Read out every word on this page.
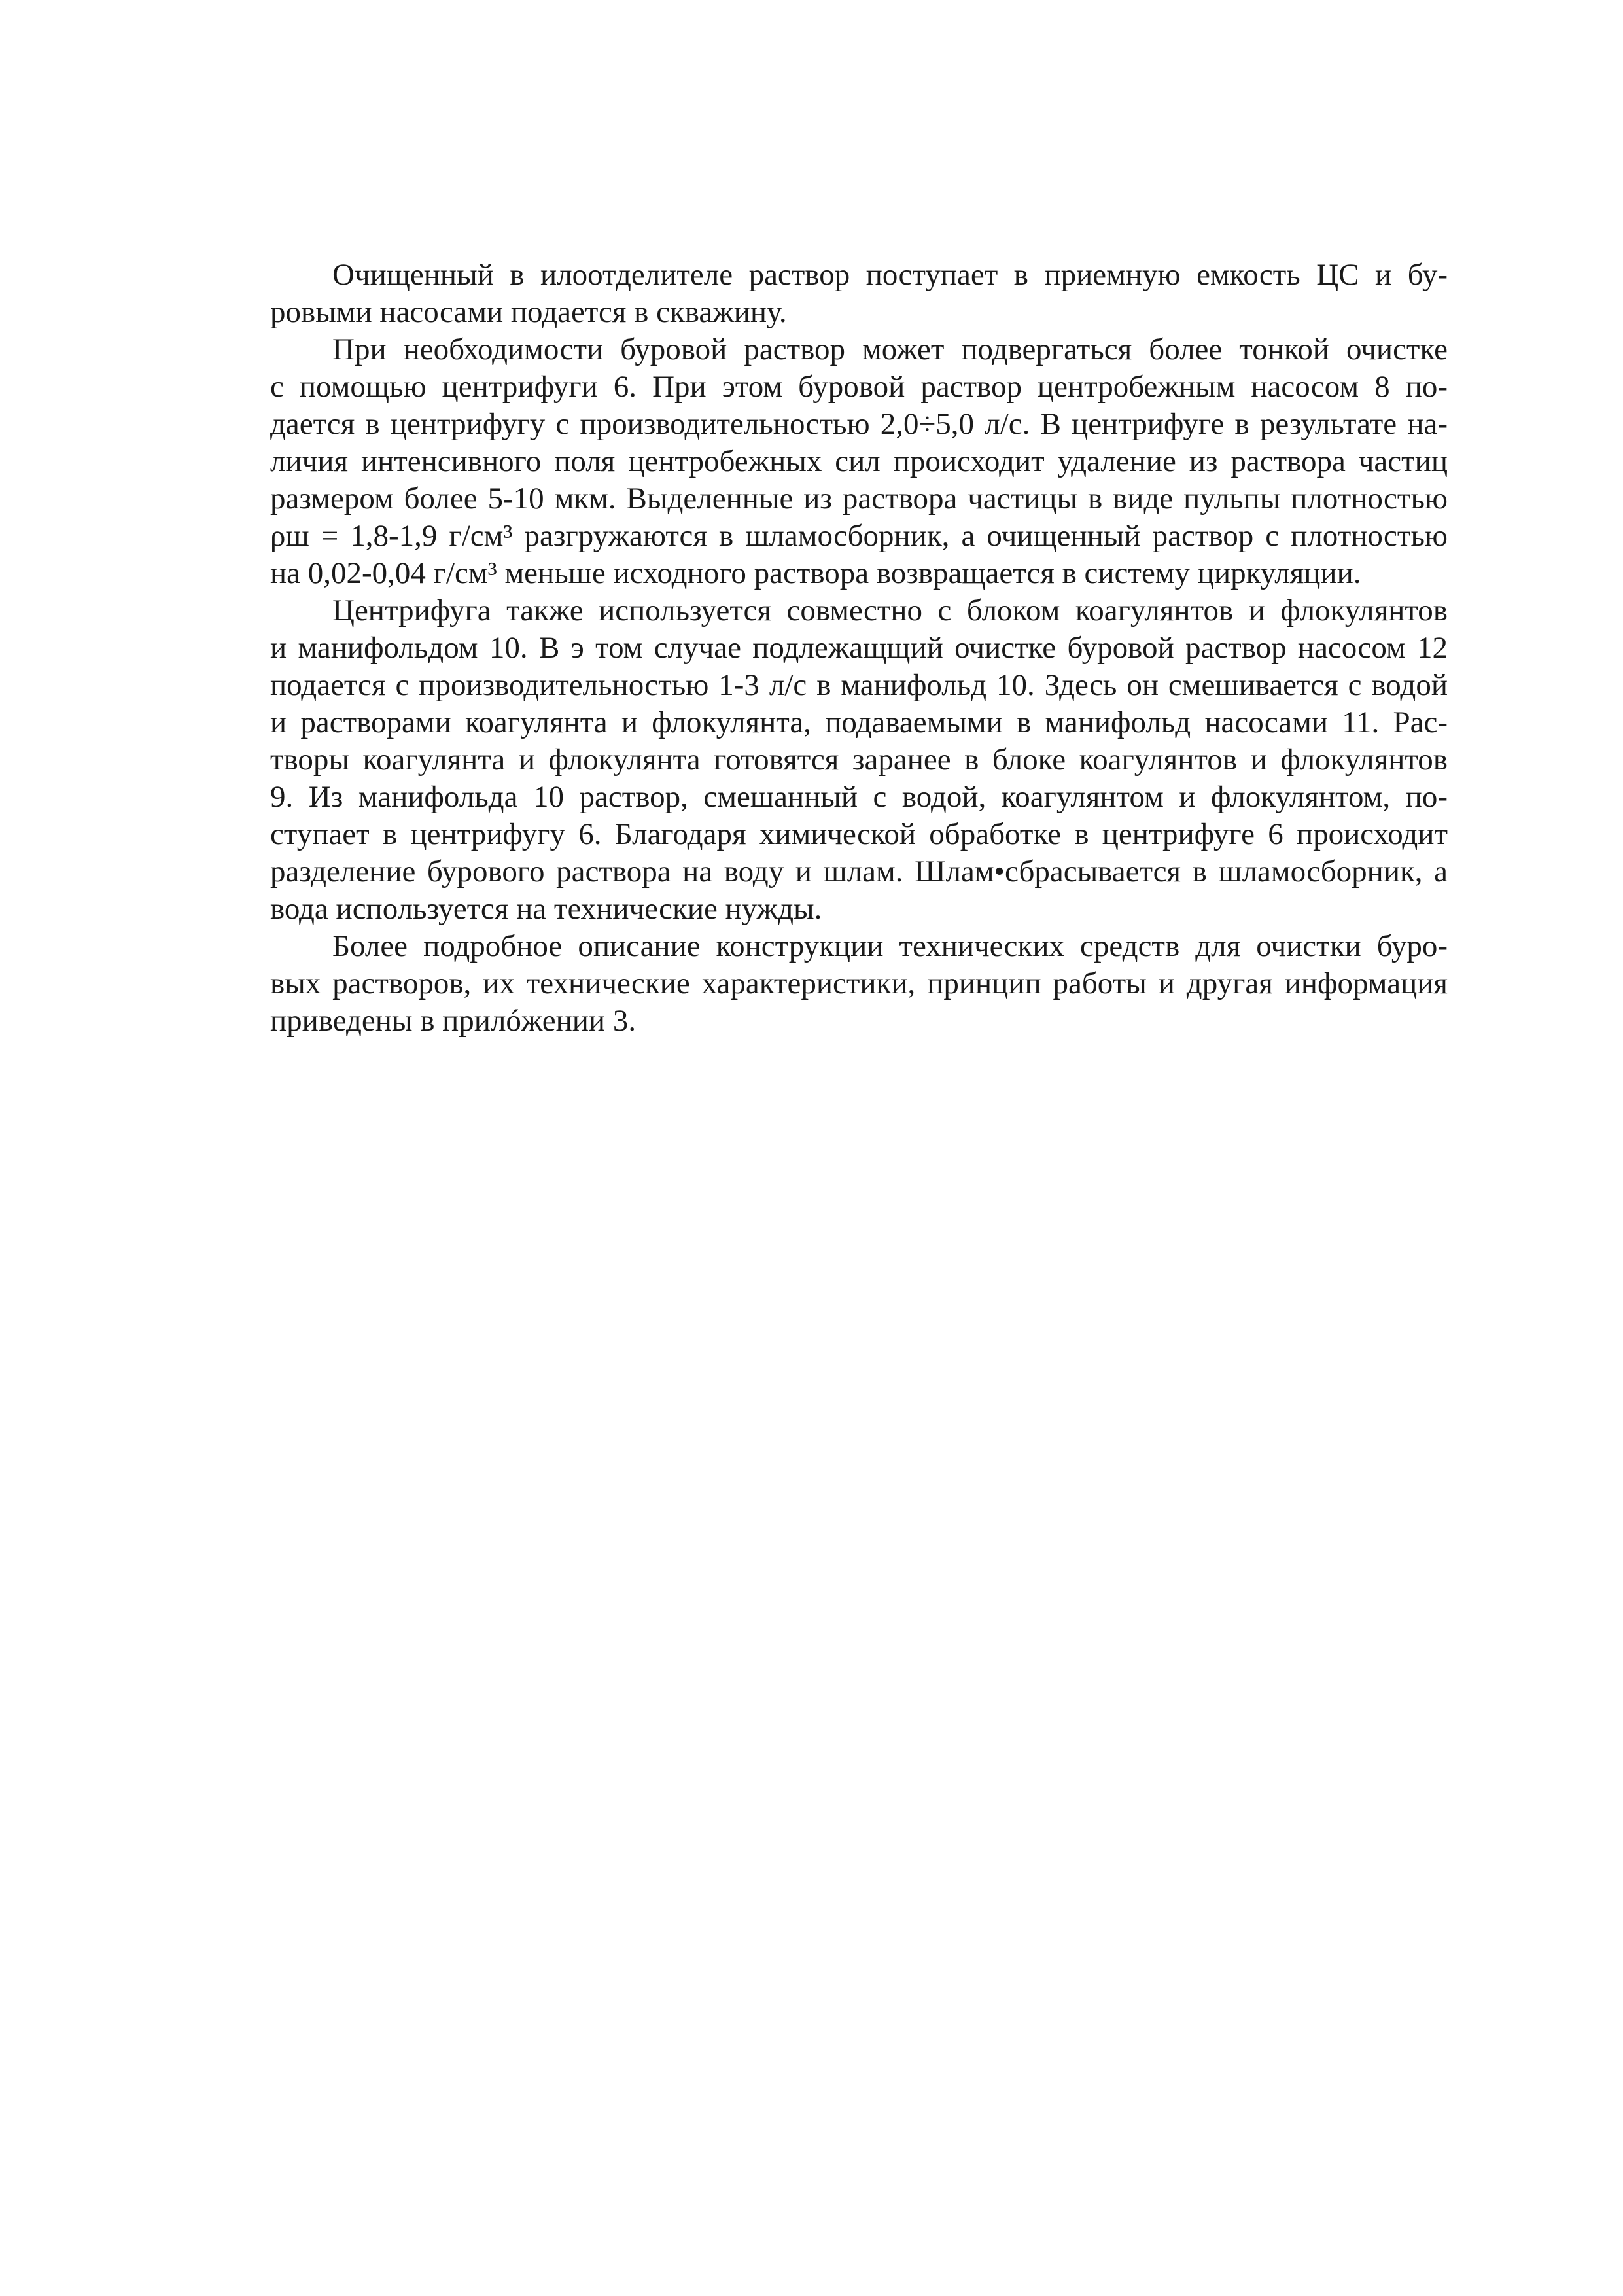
Очищенный в илоотделителе раствор поступает в приемную емкость ЦС и бу-
ровыми насосами подается в скважину.

При необходимости буровой раствор может подвергаться более тонкой очистке
с помощью центрифуги 6. При этом буровой раствор центробежным насосом 8 по-
дается в центрифугу с производительностью 2,0÷5,0 л/с. В центрифуге в результате на-
личия интенсивного поля центробежных сил происходит удаление из раствора частиц
размером более 5-10 мкм. Выделенные из раствора частицы в виде пульпы плотностью
ρш = 1,8-1,9 г/см³ разгружаются в шламосборник, а очищенный раствор с плотностью
на 0,02-0,04 г/см³ меньше исходного раствора возвращается в систему циркуляции.

Центрифуга также используется совместно с блоком коагулянтов и флокулянтов
и манифольдом 10. В э том случае подлежащщий очистке буровой раствор насосом 12
подается с производительностью 1-3 л/с в манифольд 10. Здесь он смешивается с водой
и растворами коагулянта и флокулянта, подаваемыми в манифольд насосами 11. Рас-
творы коагулянта и флокулянта готовятся заранее в блоке коагулянтов и флокулянтов
9. Из манифольда 10 раствор, смешанный с водой, коагулянтом и флокулянтом, по-
ступает в центрифугу 6. Благодаря химической обработке в центрифуге 6 происходит
разделение бурового раствора на воду и шлам. Шлам•сбрасывается в шламосборник, а
вода используется на технические нужды.

Более подробное описание конструкции технических средств для очистки буро-
вых растворов, их технические характеристики, принцип работы и другая информация
приведены в прилóжении 3.
